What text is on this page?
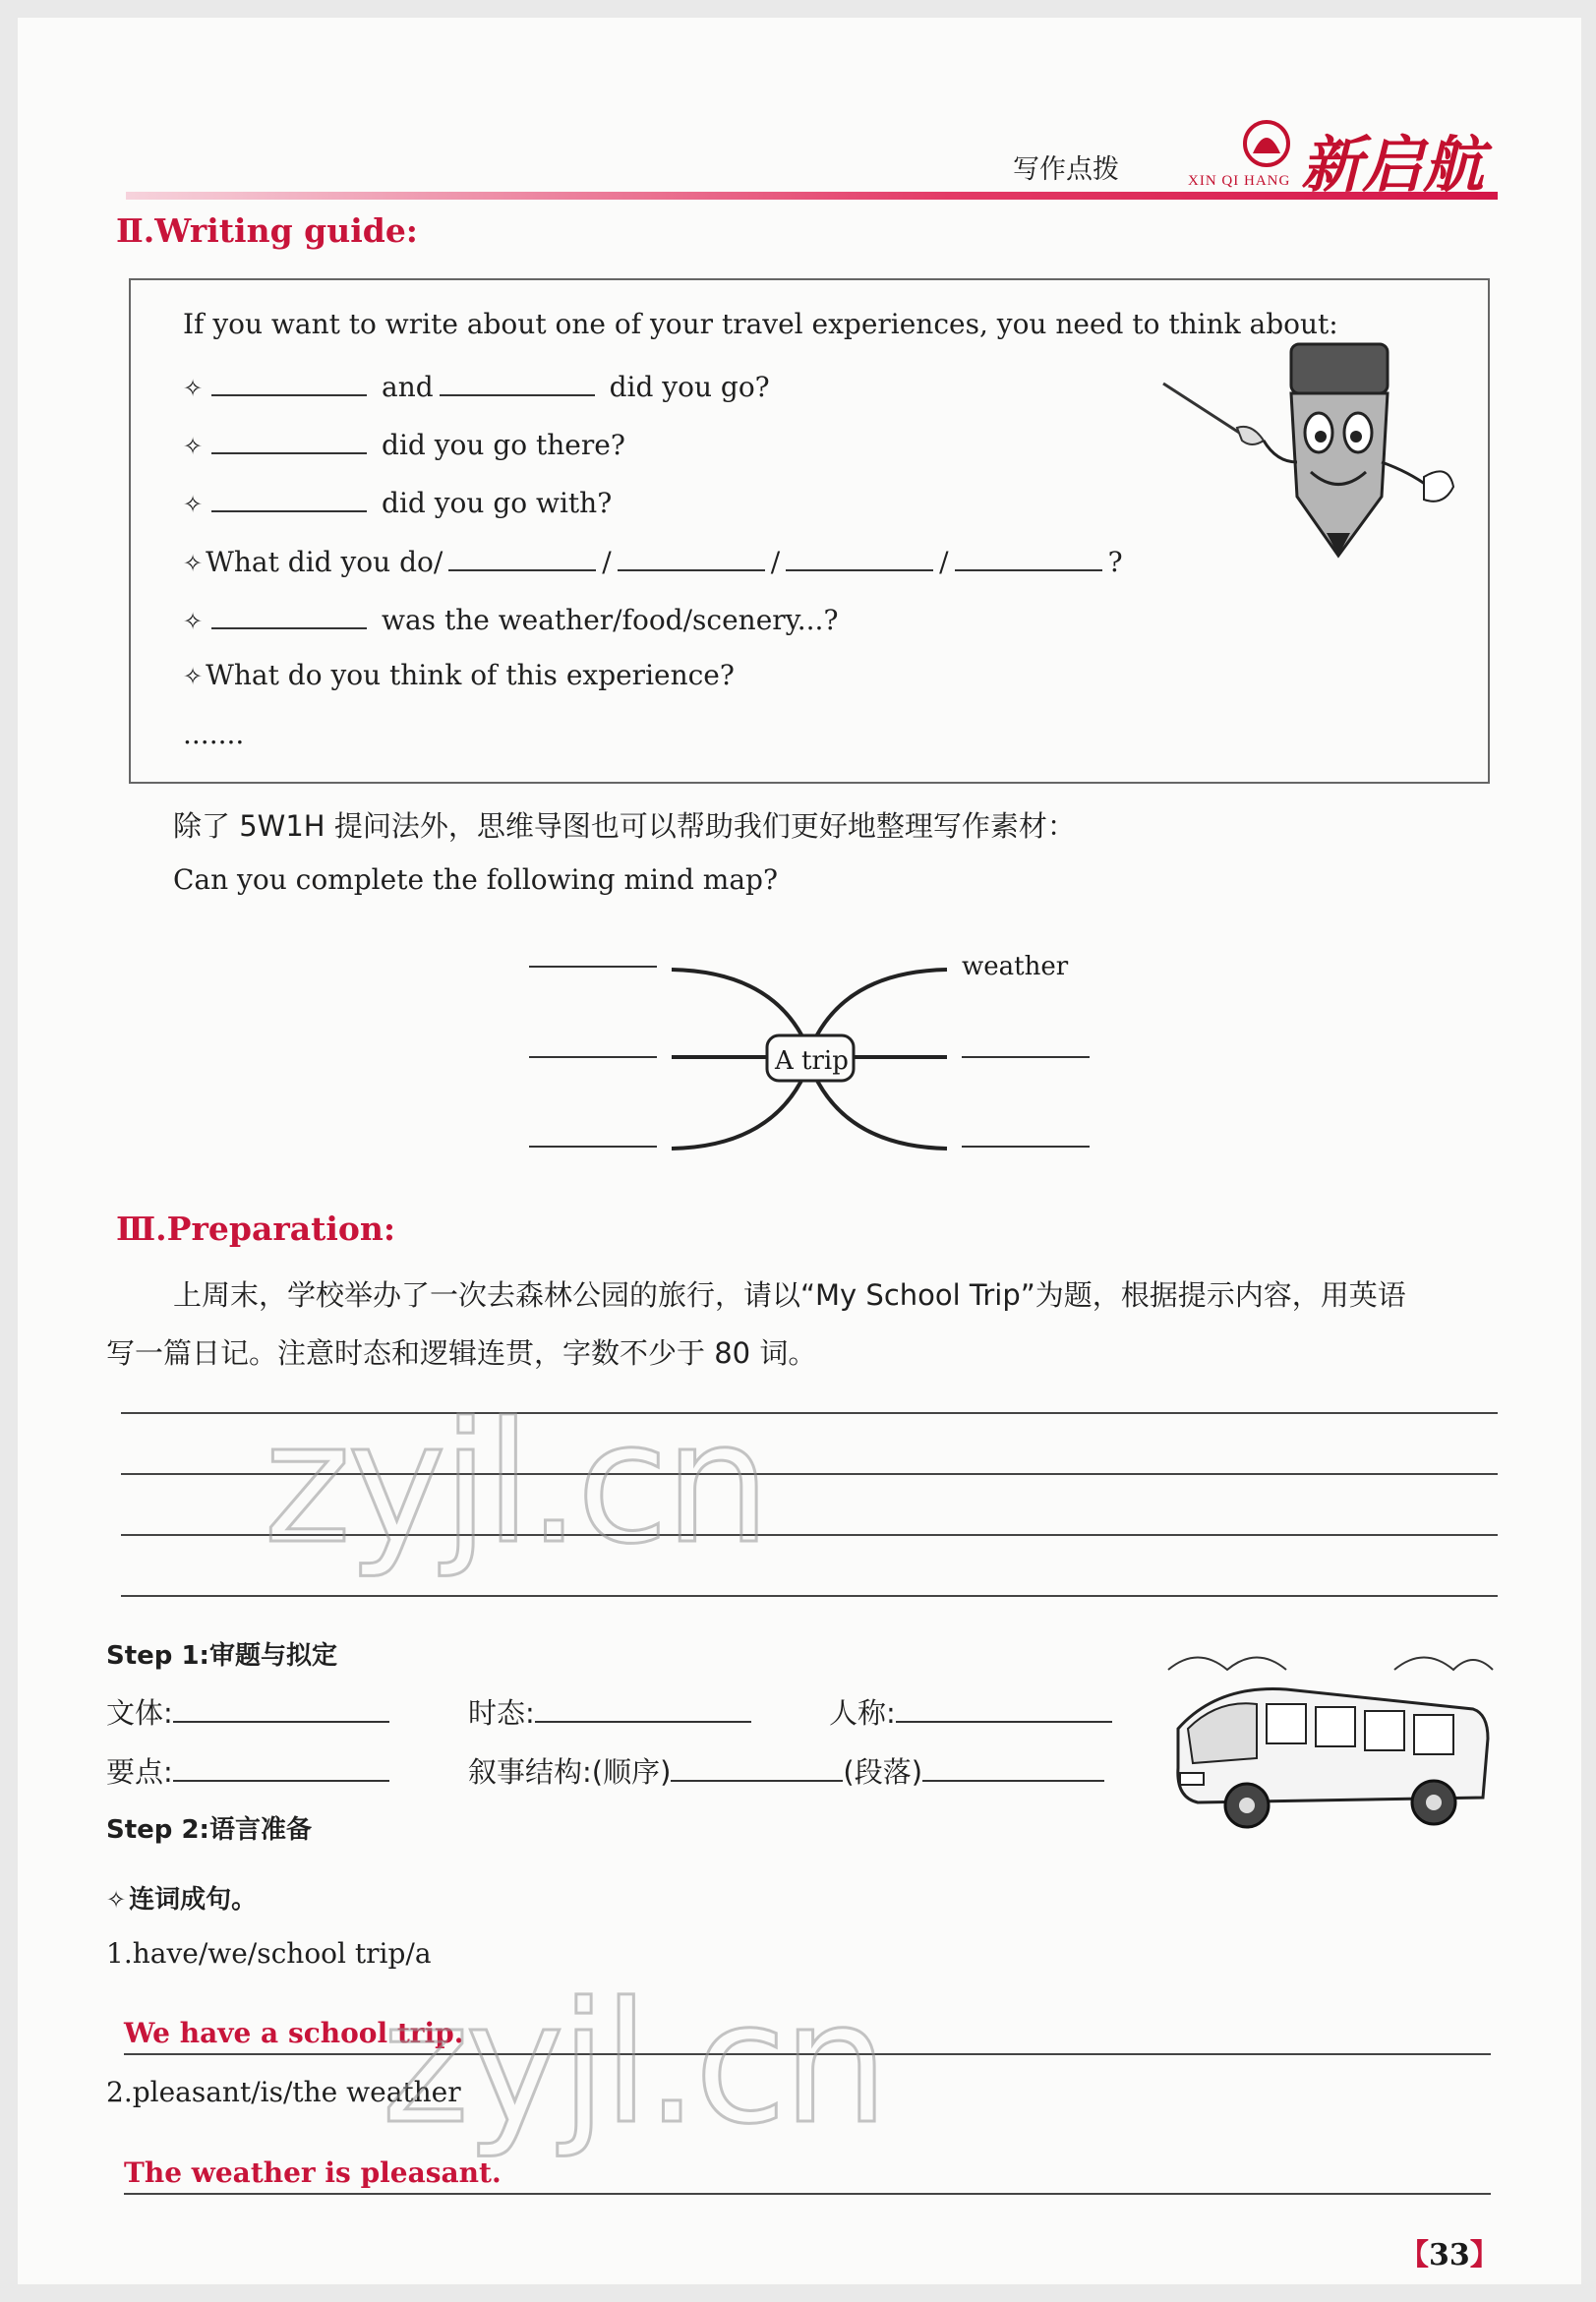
写作点拨	新启航
XIN QI HANG
Ⅱ.Writing guide:
If you want to write about one of your travel experiences, you need to think about:
✧	and	did you go?
✧	did you go there?
✧	did you go with?
✧ What did you do/	/	/	/	?
✧	was the weather/food/scenery...?
✧ What do you think of this experience?
.......
除了 5W1H 提问法外，思维导图也可以帮助我们更好地整理写作素材：
Can you complete the following mind map?
A trip
weather
Ⅲ.Preparation:
上周末，学校举办了一次去森林公园的旅行，请以“My School Trip”为题，根据提示内容，用英语
写一篇日记。注意时态和逻辑连贯，字数不少于 80 词。
zyjl.cn
Step 1:审题与拟定
文体:	时态:	人称:
要点:	叙事结构:(顺序)	(段落)
Step 2:语言准备
✧ 连词成句。
1.have/we/school trip/a
We have a school trip.
2.pleasant/is/the weather
The weather is pleasant.
zyjl.cn
【33】
